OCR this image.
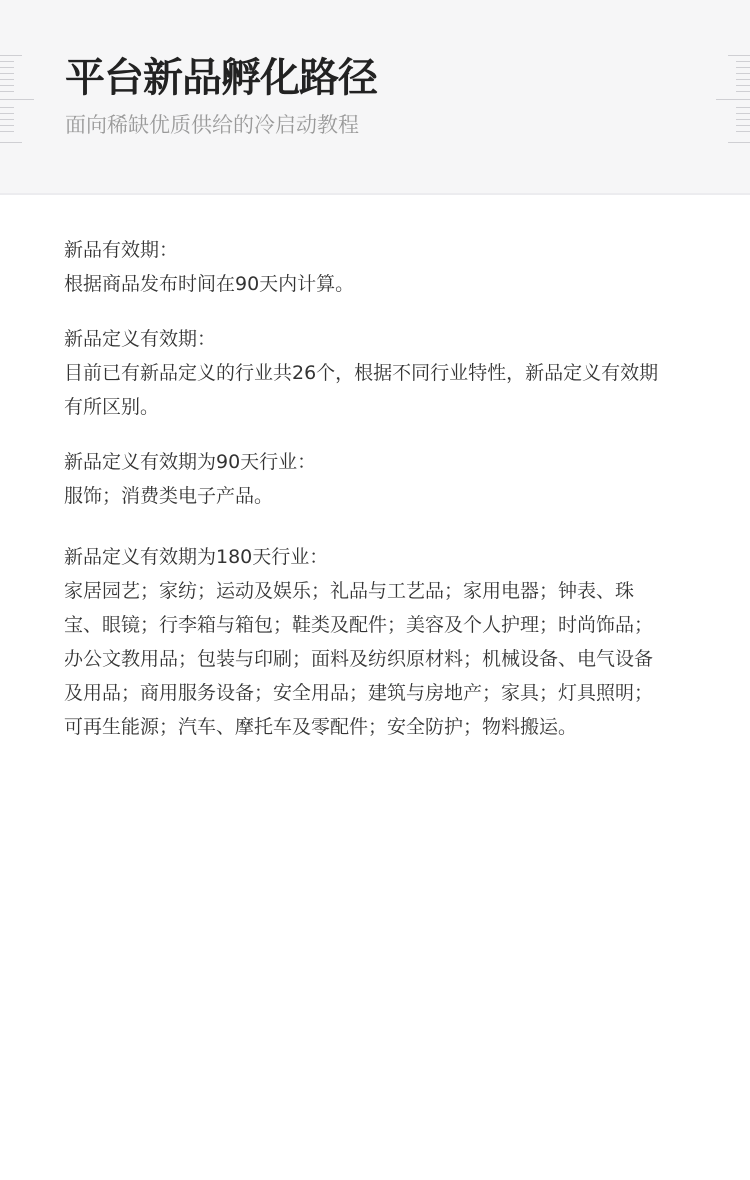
平台新品孵化路径
面向稀缺优质供给的冷启动教程
新品有效期：
根据商品发布时间在90天内计算。
新品定义有效期：
目前已有新品定义的行业共26个，根据不同行业特性，新品定义有效期有所区别。
新品定义有效期为90天行业：
服饰；消费类电子产品。
新品定义有效期为180天行业：
家居园艺；家纺；运动及娱乐；礼品与工艺品；家用电器；钟表、珠宝、眼镜；行李箱与箱包；鞋类及配件；美容及个人护理；时尚饰品；办公文教用品；包装与印刷；面料及纺织原材料；机械设备、电气设备及用品；商用服务设备；安全用品；建筑与房地产；家具；灯具照明；可再生能源；汽车、摩托车及零配件；安全防护；物料搬运。
